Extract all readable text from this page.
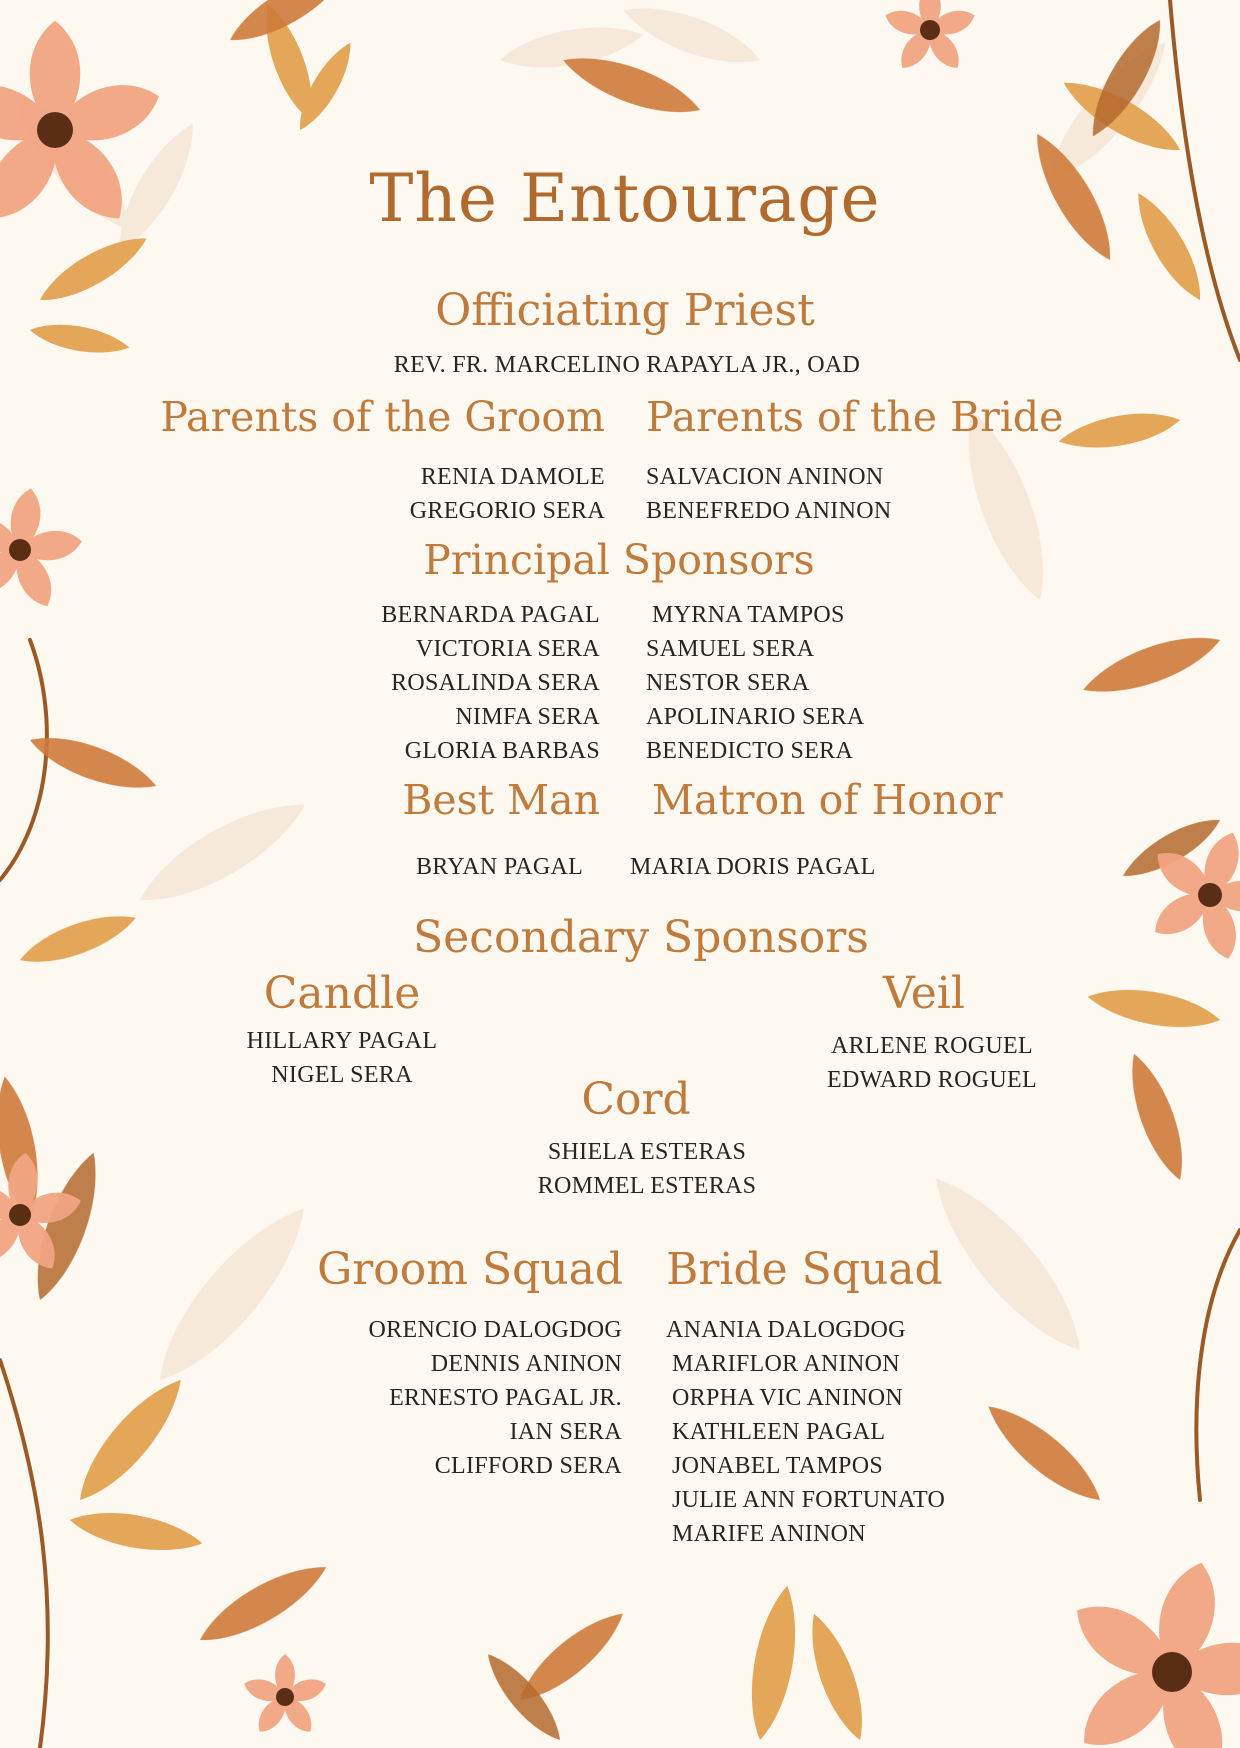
The Entourage
Officiating Priest
REV. FR. MARCELINO RAPAYLA JR., OAD
Parents of the Groom Parents of the Bride
RENIA DAMOLE
GREGORIO SERA
SALVACION ANINON
BENEFREDO ANINON
Principal Sponsors
BERNARDA PAGAL
VICTORIA SERA
ROSALINDA SERA
NIMFA SERA
GLORIA BARBAS
MYRNA TAMPOS
SAMUEL SERA
NESTOR SERA
APOLINARIO SERA
BENEDICTO SERA
Best Man Matron of Honor
BRYAN PAGAL MARIA DORIS PAGAL
Secondary Sponsors
Candle
HILLARY PAGAL
NIGEL SERA
Veil
ARLENE ROGUEL
EDWARD ROGUEL
Cord
SHIELA ESTERAS
ROMMEL ESTERAS
Groom Squad Bride Squad
ORENCIO DALOGDOG
DENNIS ANINON
ERNESTO PAGAL JR.
IAN SERA
CLIFFORD SERA
ANANIA DALOGDOG
MARIFLOR ANINON
ORPHA VIC ANINON
KATHLEEN PAGAL
JONABEL TAMPOS
JULIE ANN FORTUNATO
MARIFE ANINON
